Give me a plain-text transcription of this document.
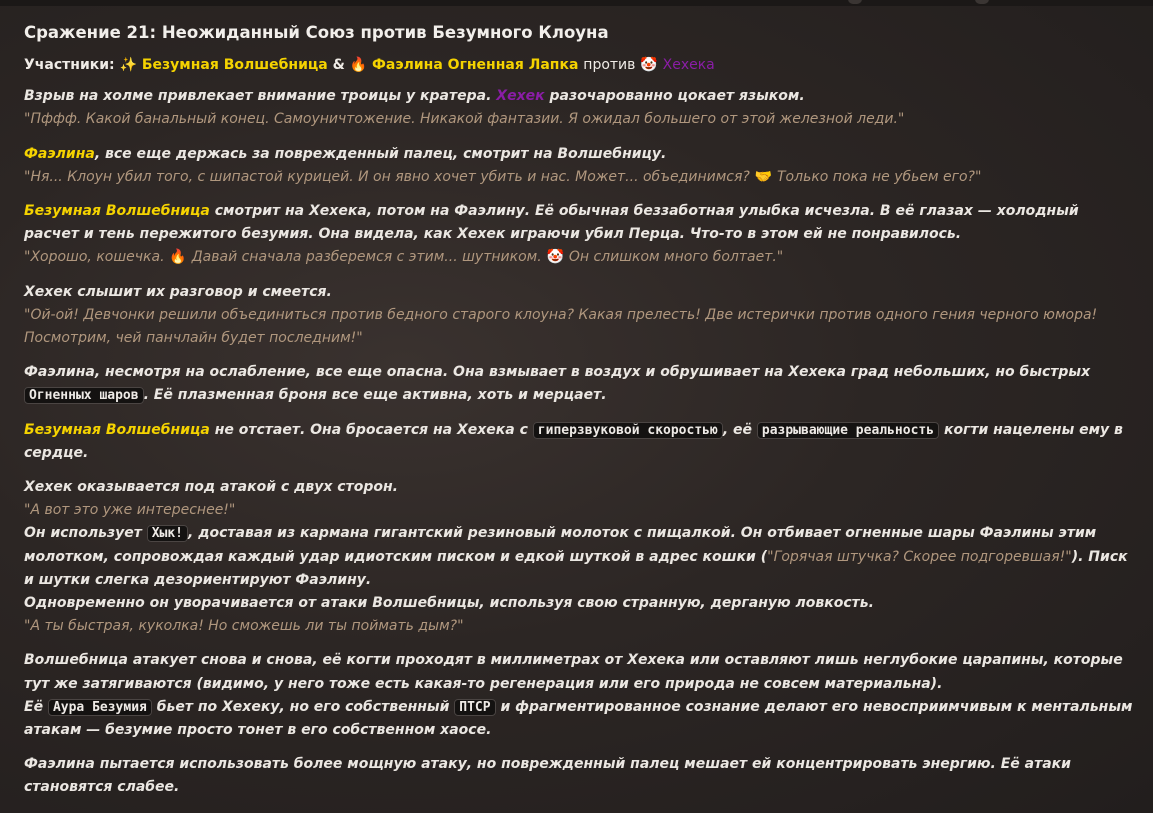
Сражение 21: Неожиданный Союз против Безумного Клоуна
Участники: ✨ Безумная Волшебница & 🔥 Фаэлина Огненная Лапка против 🤡 Хехека

Взрыв на холме привлекает внимание троицы у кратера. Хехек разочарованно цокает языком.
"Пффф. Какой банальный конец. Самоуничтожение. Никакой фантазии. Я ожидал большего от этой железной леди."

Фаэлина, все еще держась за поврежденный палец, смотрит на Волшебницу.
"Ня... Клоун убил того, с шипастой курицей. И он явно хочет убить и нас. Может... объединимся? 🤝 Только пока не убьем его?"

Безумная Волшебница смотрит на Хехека, потом на Фаэлину. Её обычная беззаботная улыбка исчезла. В её глазах — холодный расчет и тень пережитого безумия. Она видела, как Хехек играючи убил Перца. Что-то в этом ей не понравилось.
"Хорошо, кошечка. 🔥 Давай сначала разберемся с этим... шутником. 🤡 Он слишком много болтает."

Хехек слышит их разговор и смеется.
"Ой-ой! Девчонки решили объединиться против бедного старого клоуна? Какая прелесть! Две истерички против одного гения черного юмора! Посмотрим, чей панчлайн будет последним!"

Фаэлина, несмотря на ослабление, все еще опасна. Она взмывает в воздух и обрушивает на Хехека град небольших, но быстрых Огненных шаров . Её плазменная броня все еще активна, хоть и мерцает.

Безумная Волшебница не отстает. Она бросается на Хехека с гиперзвуковой скоростью , её разрывающие реальность когти нацелены ему в сердце.

Хехек оказывается под атакой с двух сторон.
"А вот это уже интереснее!"
Он использует Хык! , доставая из кармана гигантский резиновый молоток с пищалкой. Он отбивает огненные шары Фаэлины этим молотком, сопровождая каждый удар идиотским писком и едкой шуткой в адрес кошки ("Горячая штучка? Скорее подгоревшая!"). Писк и шутки слегка дезориентируют Фаэлину.
Одновременно он уворачивается от атаки Волшебницы, используя свою странную, дерганую ловкость.
"А ты быстрая, куколка! Но сможешь ли ты поймать дым?"

Волшебница атакует снова и снова, её когти проходят в миллиметрах от Хехека или оставляют лишь неглубокие царапины, которые тут же затягиваются (видимо, у него тоже есть какая-то регенерация или его природа не совсем материальна).
Её Аура Безумия бьет по Хехеку, но его собственный ПТСР и фрагментированное сознание делают его невосприимчивым к ментальным атакам — безумие просто тонет в его собственном хаосе.

Фаэлина пытается использовать более мощную атаку, но поврежденный палец мешает ей концентрировать энергию. Её атаки становятся слабее.
